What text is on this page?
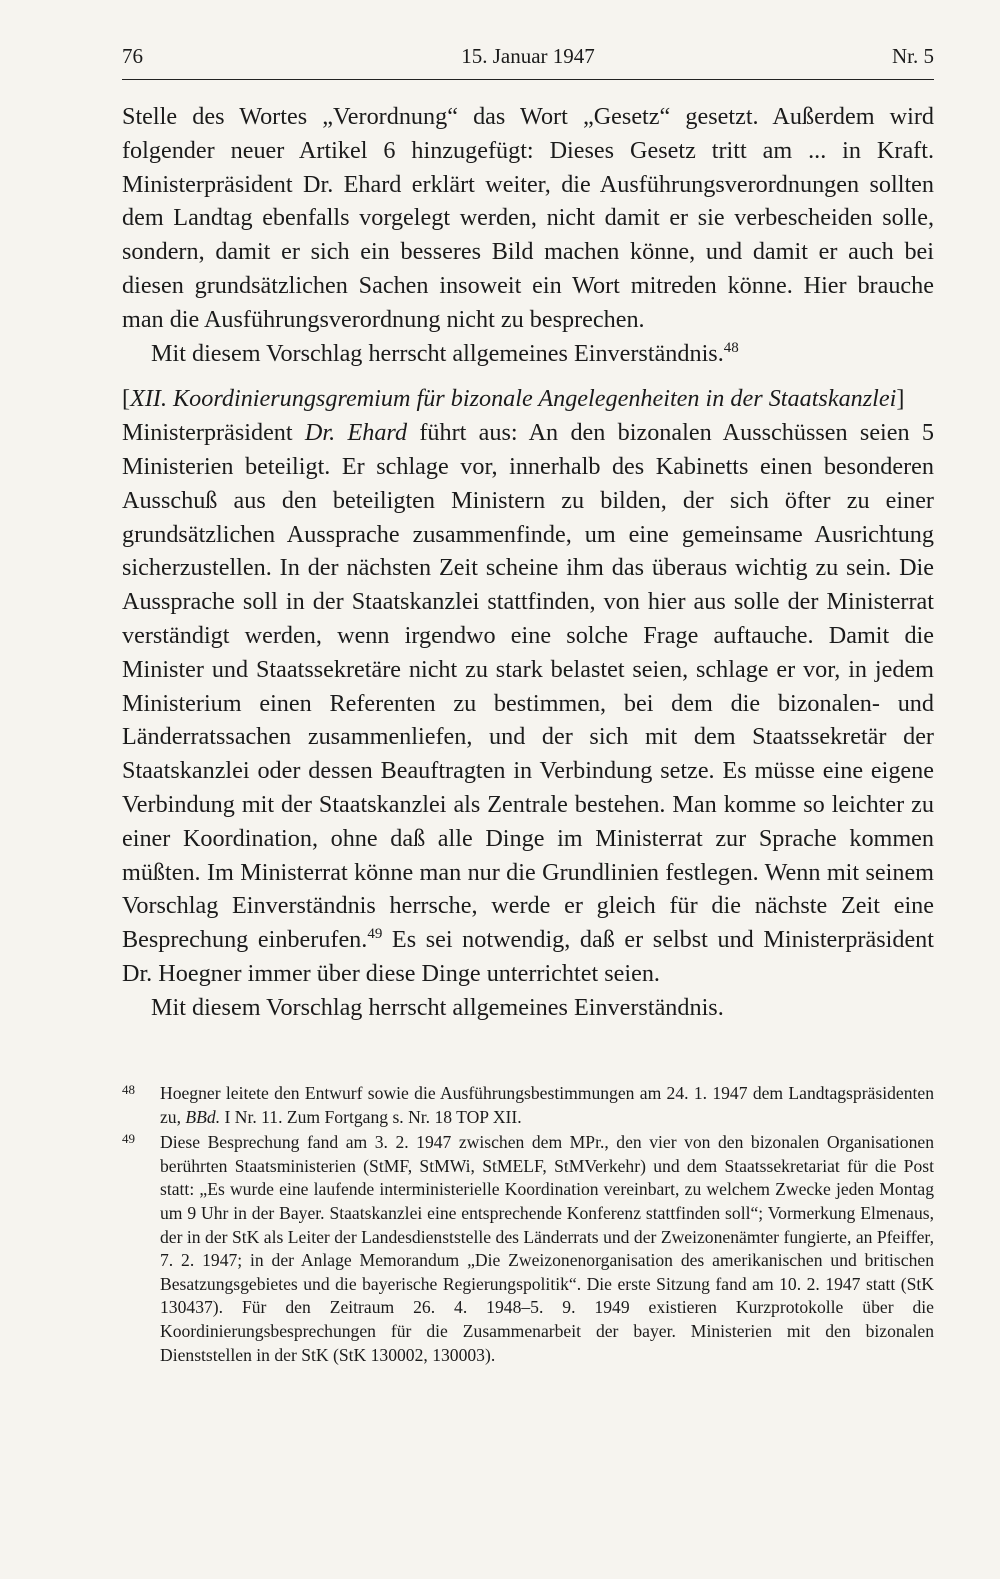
76	15. Januar 1947	Nr. 5

Stelle des Wortes „Verordnung“ das Wort „Gesetz“ gesetzt. Außerdem wird folgender neuer Artikel 6 hinzugefügt: Dieses Gesetz tritt am ... in Kraft. Ministerpräsident Dr. Ehard erklärt weiter, die Ausführungsverordnungen sollten dem Landtag ebenfalls vorgelegt werden, nicht damit er sie verbescheiden solle, sondern, damit er sich ein besseres Bild machen könne, und damit er auch bei diesen grundsätzlichen Sachen insoweit ein Wort mitreden könne. Hier brauche man die Ausführungsverordnung nicht zu besprechen.

Mit diesem Vorschlag herrscht allgemeines Einverständnis.$^{48}$

[XII. Koordinierungsgremium für bizonale Angelegenheiten in der Staatskanzlei]

Ministerpräsident Dr. Ehard führt aus: An den bizonalen Ausschüssen seien 5 Ministerien beteiligt. Er schlage vor, innerhalb des Kabinetts einen besonderen Ausschuß aus den beteiligten Ministern zu bilden, der sich öfter zu einer grundsätzlichen Aussprache zusammenfinde, um eine gemeinsame Ausrichtung sicherzustellen. In der nächsten Zeit scheine ihm das überaus wichtig zu sein. Die Aussprache soll in der Staatskanzlei stattfinden, von hier aus solle der Ministerrat verständigt werden, wenn irgendwo eine solche Frage auftauche. Damit die Minister und Staatssekretäre nicht zu stark belastet seien, schlage er vor, in jedem Ministerium einen Referenten zu bestimmen, bei dem die bizonalen- und Länderratssachen zusammenliefen, und der sich mit dem Staatssekretär der Staatskanzlei oder dessen Beauftragten in Verbindung setze. Es müsse eine eigene Verbindung mit der Staatskanzlei als Zentrale bestehen. Man komme so leichter zu einer Koordination, ohne daß alle Dinge im Ministerrat zur Sprache kommen müßten. Im Ministerrat könne man nur die Grundlinien festlegen. Wenn mit seinem Vorschlag Einverständnis herrsche, werde er gleich für die nächste Zeit eine Besprechung einberufen.$^{49}$ Es sei notwendig, daß er selbst und Ministerpräsident Dr. Hoegner immer über diese Dinge unterrichtet seien.

Mit diesem Vorschlag herrscht allgemeines Einverständnis.

48 Hoegner leitete den Entwurf sowie die Ausführungsbestimmungen am 24. 1. 1947 dem Landtagspräsidenten zu, BBd. I Nr. 11. Zum Fortgang s. Nr. 18 TOP XII.

49 Diese Besprechung fand am 3. 2. 1947 zwischen dem MPr., den vier von den bizonalen Organisationen berührten Staatsministerien (StMF, StMWi, StMELF, StMVerkehr) und dem Staatssekretariat für die Post statt: „Es wurde eine laufende interministerielle Koordination vereinbart, zu welchem Zwecke jeden Montag um 9 Uhr in der Bayer. Staatskanzlei eine entsprechende Konferenz stattfinden soll“; Vormerkung Elmenaus, der in der StK als Leiter der Landesdienststelle des Länderrats und der Zweizonenämter fungierte, an Pfeiffer, 7. 2. 1947; in der Anlage Memorandum „Die Zweizonenorganisation des amerikanischen und britischen Besatzungsgebietes und die bayerische Regierungspolitik“. Die erste Sitzung fand am 10. 2. 1947 statt (StK 130437). Für den Zeitraum 26. 4. 1948–5. 9. 1949 existieren Kurzprotokolle über die Koordinierungsbesprechungen für die Zusammenarbeit der bayer. Ministerien mit den bizonalen Dienststellen in der StK (StK 130002, 130003).
